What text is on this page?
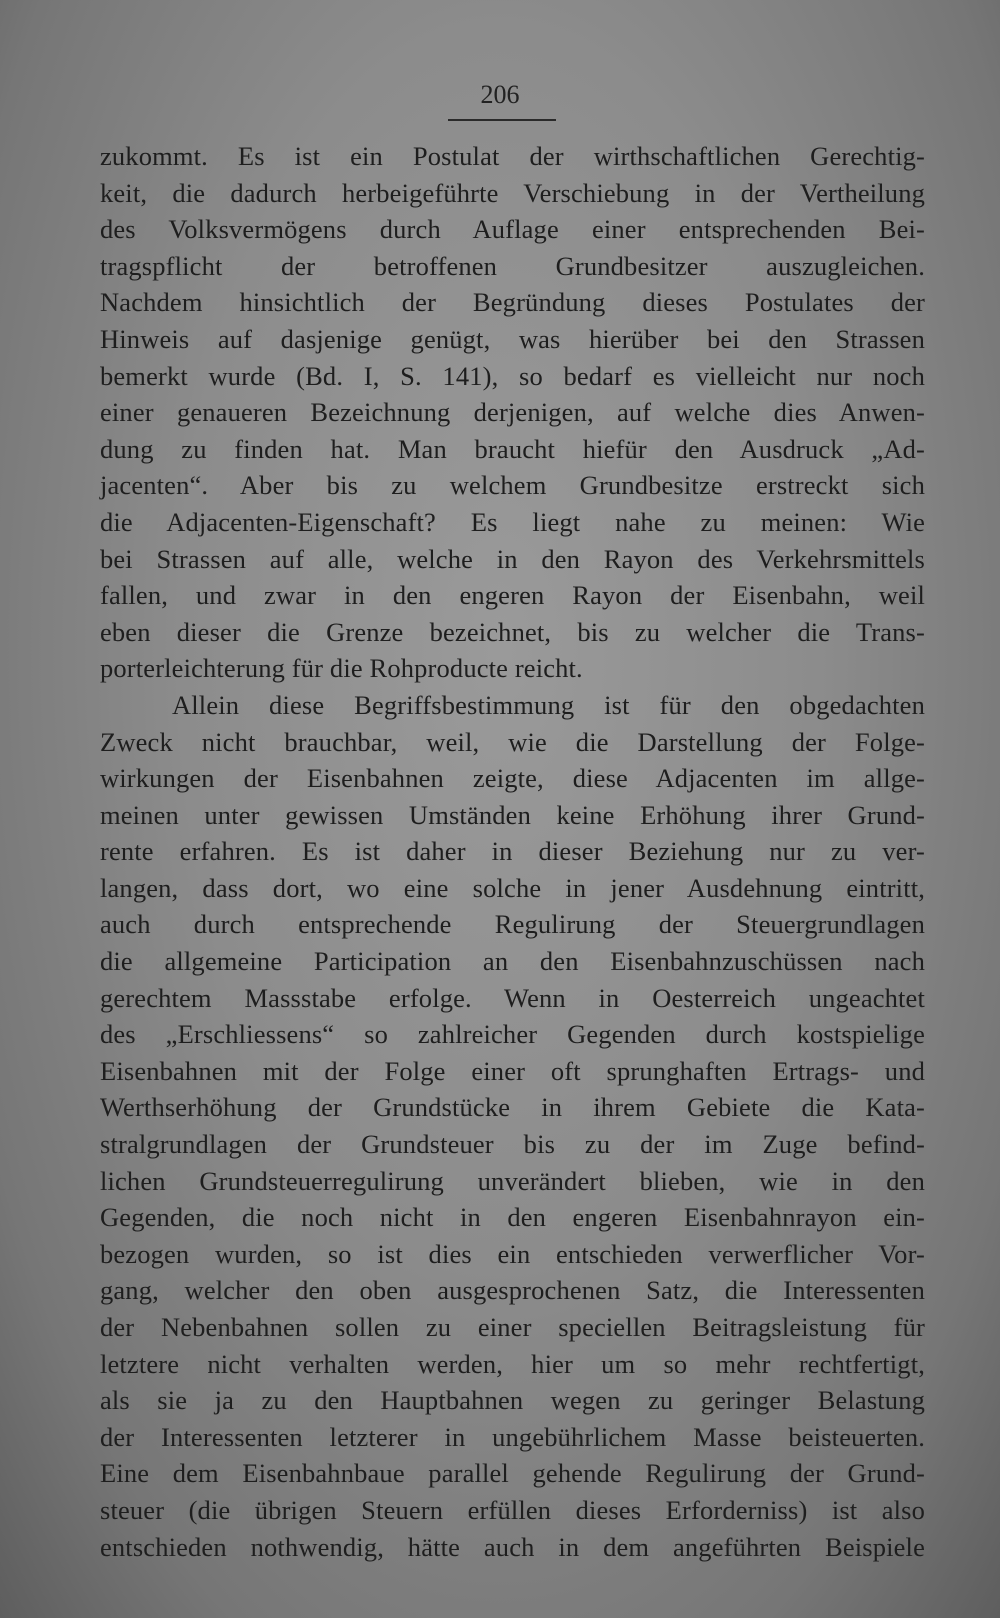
206
zukommt. Es ist ein Postulat der wirthschaftlichen Gerechtig-
keit, die dadurch herbeigeführte Verschiebung in der Vertheilung
des Volksvermögens durch Auflage einer entsprechenden Bei-
tragspflicht der betroffenen Grundbesitzer auszugleichen.
Nachdem hinsichtlich der Begründung dieses Postulates der
Hinweis auf dasjenige genügt, was hierüber bei den Strassen
bemerkt wurde (Bd. I, S. 141), so bedarf es vielleicht nur noch
einer genaueren Bezeichnung derjenigen, auf welche dies Anwen-
dung zu finden hat. Man braucht hiefür den Ausdruck „Ad-
jacenten“. Aber bis zu welchem Grundbesitze erstreckt sich
die Adjacenten-Eigenschaft? Es liegt nahe zu meinen: Wie
bei Strassen auf alle, welche in den Rayon des Verkehrsmittels
fallen, und zwar in den engeren Rayon der Eisenbahn, weil
eben dieser die Grenze bezeichnet, bis zu welcher die Trans-
porterleichterung für die Rohproducte reicht.
Allein diese Begriffsbestimmung ist für den obgedachten
Zweck nicht brauchbar, weil, wie die Darstellung der Folge-
wirkungen der Eisenbahnen zeigte, diese Adjacenten im allge-
meinen unter gewissen Umständen keine Erhöhung ihrer Grund-
rente erfahren. Es ist daher in dieser Beziehung nur zu ver-
langen, dass dort, wo eine solche in jener Ausdehnung eintritt,
auch durch entsprechende Regulirung der Steuergrundlagen
die allgemeine Participation an den Eisenbahnzuschüssen nach
gerechtem Massstabe erfolge. Wenn in Oesterreich ungeachtet
des „Erschliessens“ so zahlreicher Gegenden durch kostspielige
Eisenbahnen mit der Folge einer oft sprunghaften Ertrags- und
Werthserhöhung der Grundstücke in ihrem Gebiete die Kata-
stralgrundlagen der Grundsteuer bis zu der im Zuge befind-
lichen Grundsteuerregulirung unverändert blieben, wie in den
Gegenden, die noch nicht in den engeren Eisenbahnrayon ein-
bezogen wurden, so ist dies ein entschieden verwerflicher Vor-
gang, welcher den oben ausgesprochenen Satz, die Interessenten
der Nebenbahnen sollen zu einer speciellen Beitragsleistung für
letztere nicht verhalten werden, hier um so mehr rechtfertigt,
als sie ja zu den Hauptbahnen wegen zu geringer Belastung
der Interessenten letzterer in ungebührlichem Masse beisteuerten.
Eine dem Eisenbahnbaue parallel gehende Regulirung der Grund-
steuer (die übrigen Steuern erfüllen dieses Erforderniss) ist also
entschieden nothwendig, hätte auch in dem angeführten Beispiele
